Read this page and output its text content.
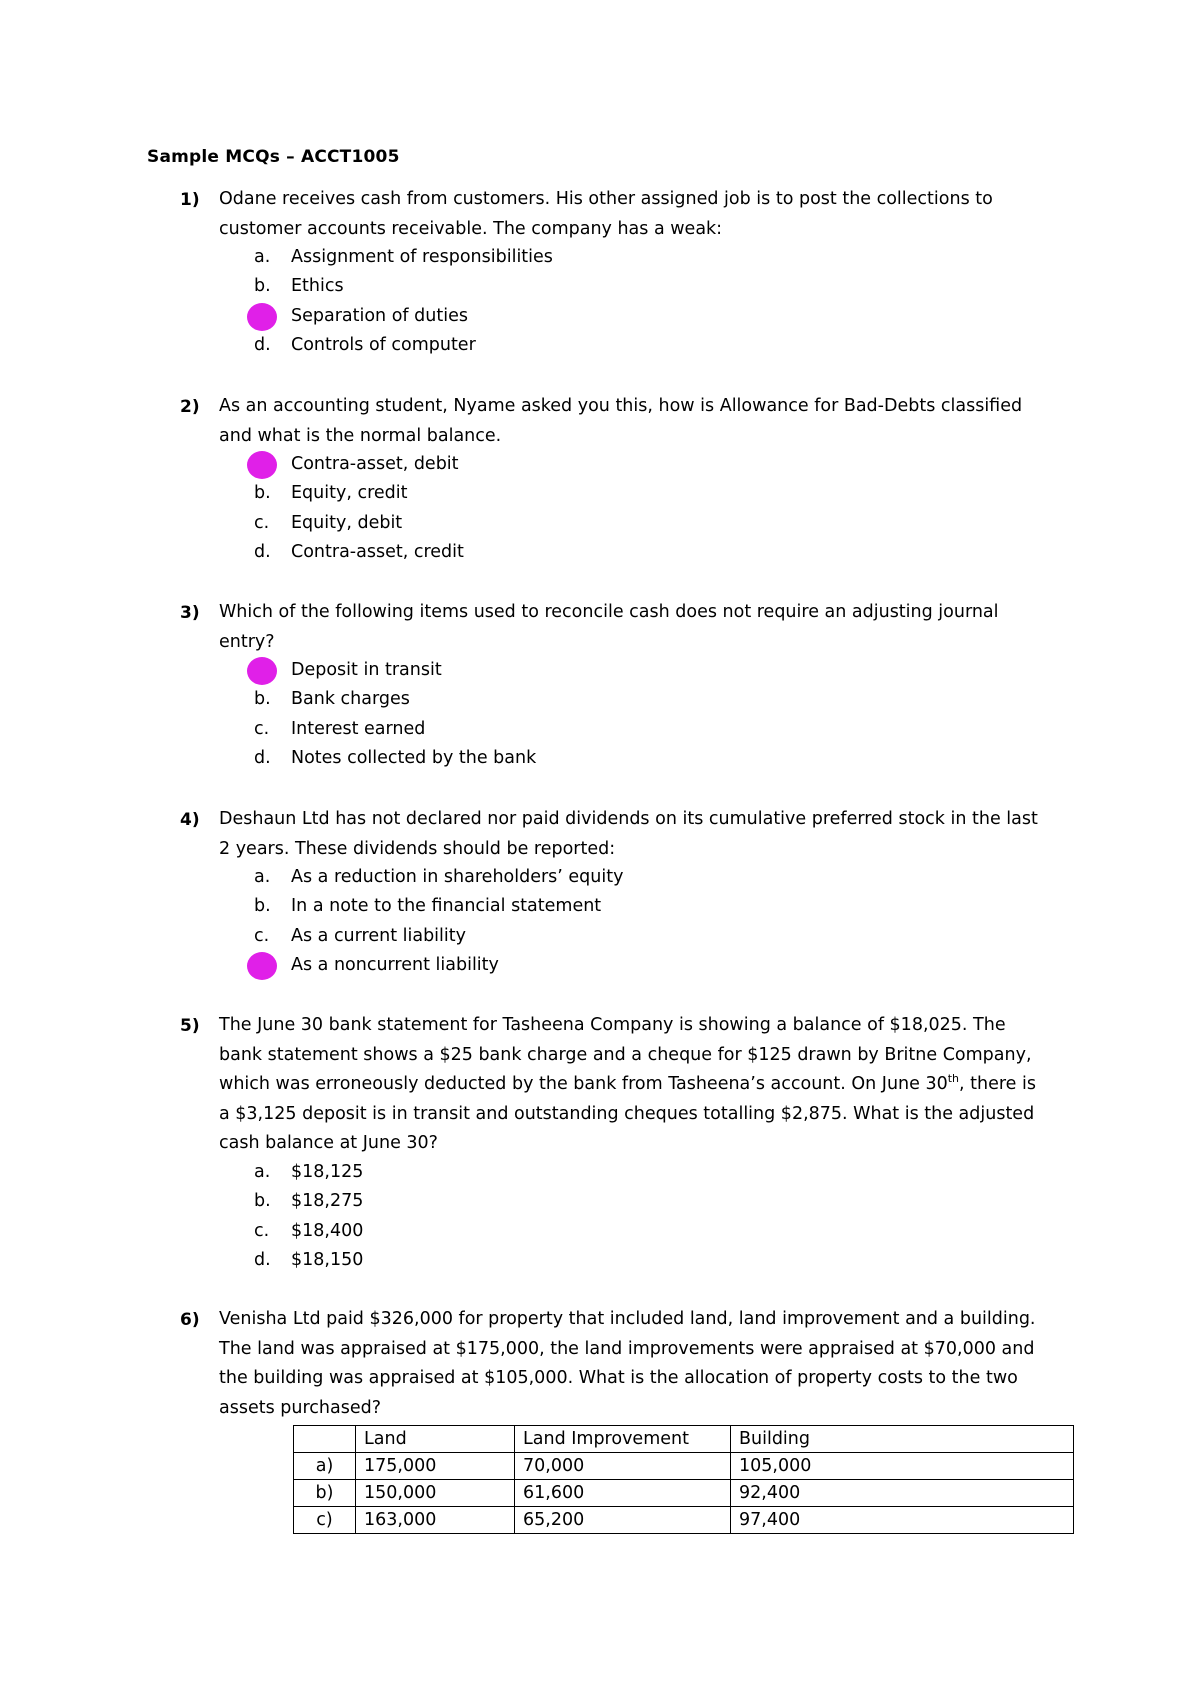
Sample MCQs – ACCT1005
1) Odane receives cash from customers. His other assigned job is to post the collections to customer accounts receivable. The company has a weak:
a. Assignment of responsibilities
b. Ethics
Separation of duties
d. Controls of computer
2) As an accounting student, Nyame asked you this, how is Allowance for Bad-Debts classified and what is the normal balance.
Contra-asset, debit
b. Equity, credit
c. Equity, debit
d. Contra-asset, credit
3) Which of the following items used to reconcile cash does not require an adjusting journal entry?
Deposit in transit
b. Bank charges
c. Interest earned
d. Notes collected by the bank
4) Deshaun Ltd has not declared nor paid dividends on its cumulative preferred stock in the last 2 years. These dividends should be reported:
a. As a reduction in shareholders’ equity
b. In a note to the financial statement
c. As a current liability
As a noncurrent liability
5) The June 30 bank statement for Tasheena Company is showing a balance of $18,025. The bank statement shows a $25 bank charge and a cheque for $125 drawn by Britne Company, which was erroneously deducted by the bank from Tasheena’s account. On June 30th, there is a $3,125 deposit is in transit and outstanding cheques totalling $2,875. What is the adjusted cash balance at June 30?
a. $18,125
b. $18,275
c. $18,400
d. $18,150
6) Venisha Ltd paid $326,000 for property that included land, land improvement and a building. The land was appraised at $175,000, the land improvements were appraised at $70,000 and the building was appraised at $105,000. What is the allocation of property costs to the two assets purchased?
	Land	Land Improvement	Building
a)	175,000	70,000	105,000
b)	150,000	61,600	92,400
c)	163,000	65,200	97,400
